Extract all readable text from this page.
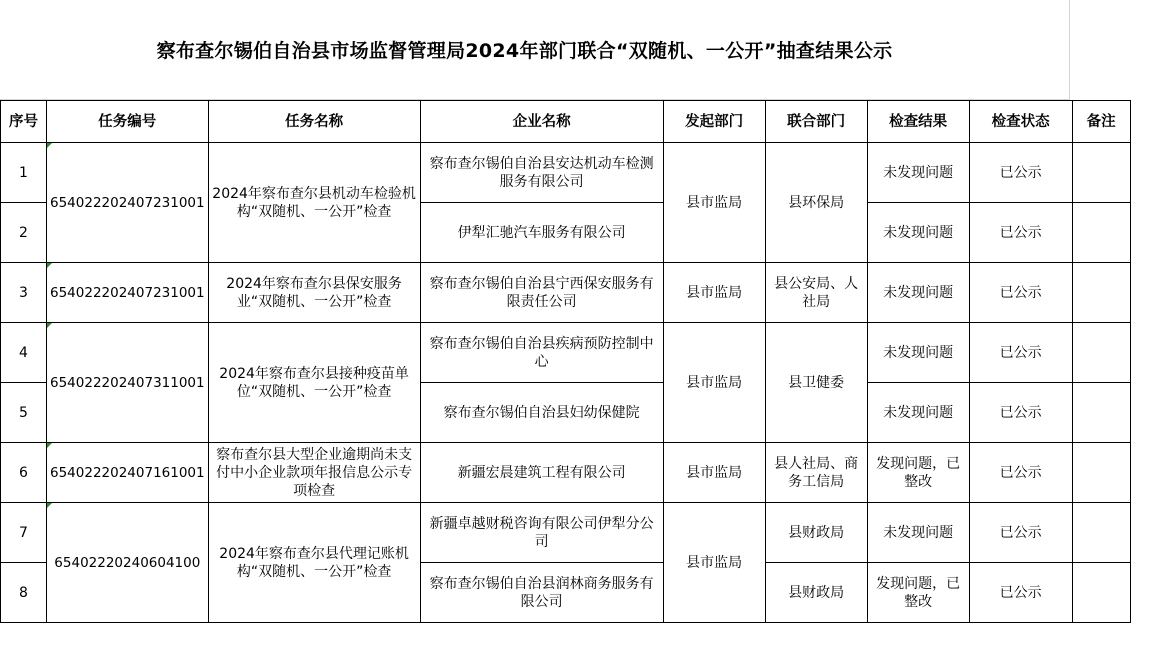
察布查尔锡伯自治县市场监督管理局2024年部门联合“双随机、一公开”抽查结果公示
序号	任务编号	任务名称	企业名称	发起部门	联合部门	检查结果	检查状态	备注
1	654022202407231001	2024年察布查尔县机动车检验机构“双随机、一公开”检查	察布查尔锡伯自治县安达机动车检测服务有限公司	县市监局	县环保局	未发现问题	已公示	
2			伊犁汇驰汽车服务有限公司			未发现问题	已公示	
3	654022202407231001	2024年察布查尔县保安服务业“双随机、一公开”检查	察布查尔锡伯自治县宁西保安服务有限责任公司	县市监局	县公安局、人社局	未发现问题	已公示	
4	654022202407311001	2024年察布查尔县接种疫苗单位“双随机、一公开”检查	察布查尔锡伯自治县疾病预防控制中心	县市监局	县卫健委	未发现问题	已公示	
5			察布查尔锡伯自治县妇幼保健院			未发现问题	已公示	
6	654022202407161001	察布查尔县大型企业逾期尚未支付中小企业款项年报信息公示专项检查	新疆宏晨建筑工程有限公司	县市监局	县人社局、商务工信局	发现问题，已整改	已公示	
7	65402220240604100	2024年察布查尔县代理记账机构“双随机、一公开”检查	新疆卓越财税咨询有限公司伊犁分公司	县市监局	县财政局	未发现问题	已公示	
8			察布查尔锡伯自治县润林商务服务有限公司		县财政局	发现问题，已整改	已公示	
